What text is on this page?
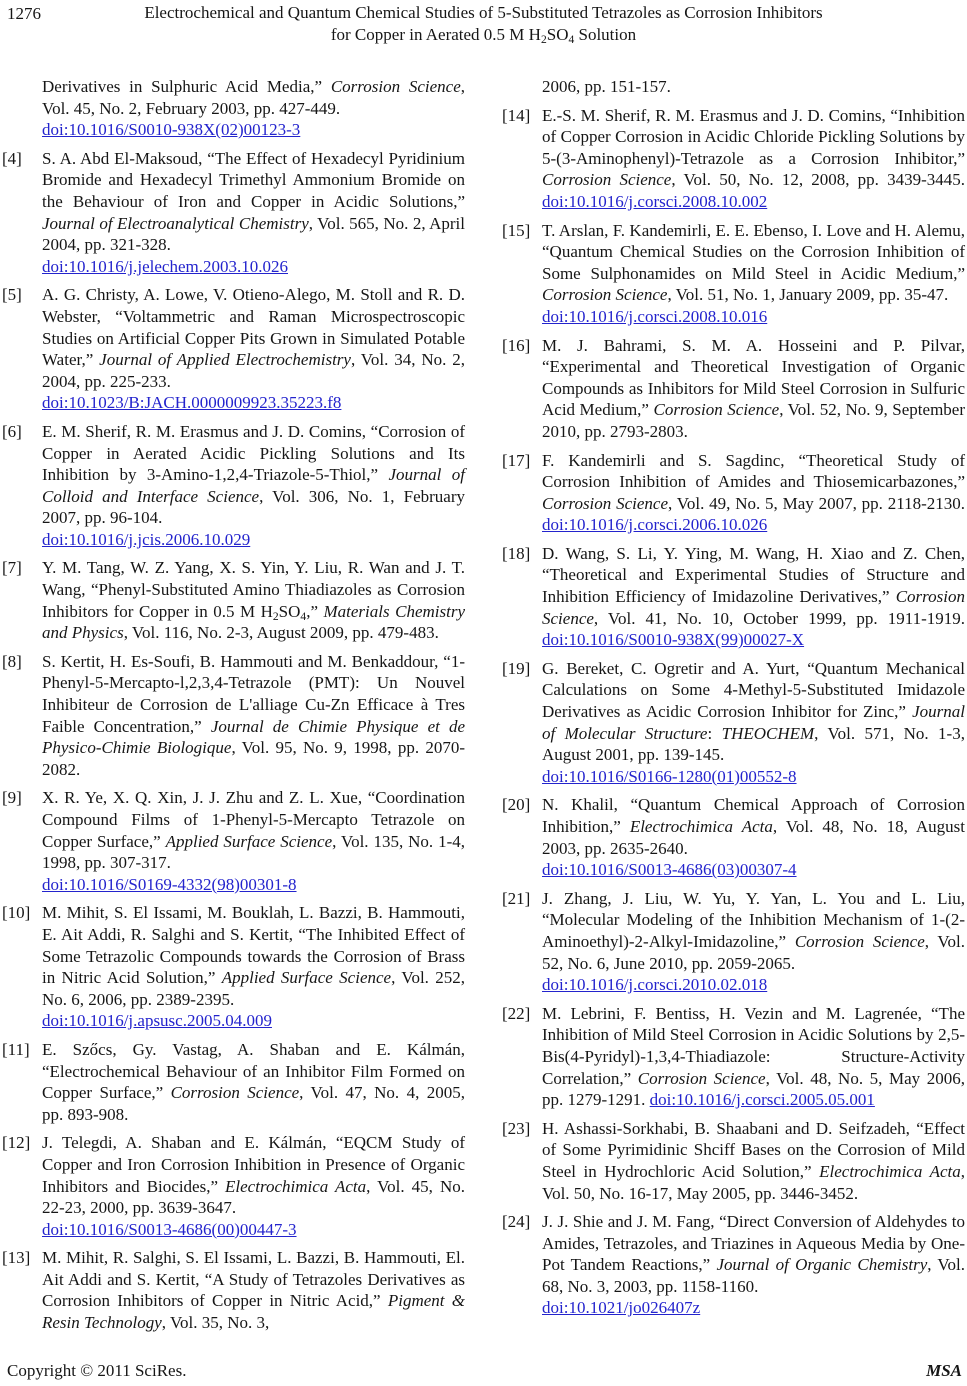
1276	Electrochemical and Quantum Chemical Studies of 5-Substituted Tetrazoles as Corrosion Inhibitors
for Copper in Aerated 0.5 M $H_2SO_4$ Solution
Derivatives in Sulphuric Acid Media,” Corrosion Science, Vol. 45, No. 2, February 2003, pp. 427-449.
doi:10.1016/S0010-938X(02)00123-3
[4] S. A. Abd El-Maksoud, “The Effect of Hexadecyl Pyridinium Bromide and Hexadecyl Trimethyl Ammonium Bromide on the Behaviour of Iron and Copper in Acidic Solutions,” Journal of Electroanalytical Chemistry, Vol. 565, No. 2, April 2004, pp. 321-328.
doi:10.1016/j.jelechem.2003.10.026
[5] A. G. Christy, A. Lowe, V. Otieno-Alego, M. Stoll and R. D. Webster, “Voltammetric and Raman Microspectroscopic Studies on Artificial Copper Pits Grown in Simulated Potable Water,” Journal of Applied Electrochemistry, Vol. 34, No. 2, 2004, pp. 225-233.
doi:10.1023/B:JACH.0000009923.35223.f8
[6] E. M. Sherif, R. M. Erasmus and J. D. Comins, “Corrosion of Copper in Aerated Acidic Pickling Solutions and Its Inhibition by 3-Amino-1,2,4-Triazole-5-Thiol,” Journal of Colloid and Interface Science, Vol. 306, No. 1, February 2007, pp. 96-104.
doi:10.1016/j.jcis.2006.10.029
[7] Y. M. Tang, W. Z. Yang, X. S. Yin, Y. Liu, R. Wan and J. T. Wang, “Phenyl-Substituted Amino Thiadiazoles as Corrosion Inhibitors for Copper in 0.5 M $H_2SO_4$,” Materials Chemistry and Physics, Vol. 116, No. 2-3, August 2009, pp. 479-483.
[8] S. Kertit, H. Es-Soufi, B. Hammouti and M. Benkaddour, “1-Phenyl-5-Mercapto-l,2,3,4-Tetrazole (PMT): Un Nouvel Inhibiteur de Corrosion de L'alliage Cu-Zn Efficace à Tres Faible Concentration,” Journal de Chimie Physique et de Physico-Chimie Biologique, Vol. 95, No. 9, 1998, pp. 2070-2082.
[9] X. R. Ye, X. Q. Xin, J. J. Zhu and Z. L. Xue, “Coordination Compound Films of 1-Phenyl-5-Mercapto Tetrazole on Copper Surface,” Applied Surface Science, Vol. 135, No. 1-4, 1998, pp. 307-317.
doi:10.1016/S0169-4332(98)00301-8
[10] M. Mihit, S. El Issami, M. Bouklah, L. Bazzi, B. Hammouti, E. Ait Addi, R. Salghi and S. Kertit, “The Inhibited Effect of Some Tetrazolic Compounds towards the Corrosion of Brass in Nitric Acid Solution,” Applied Surface Science, Vol. 252, No. 6, 2006, pp. 2389-2395.
doi:10.1016/j.apsusc.2005.04.009
[11] E. Szőcs, Gy. Vastag, A. Shaban and E. Kálmán, “Electrochemical Behaviour of an Inhibitor Film Formed on Copper Surface,” Corrosion Science, Vol. 47, No. 4, 2005, pp. 893-908.
[12] J. Telegdi, A. Shaban and E. Kálmán, “EQCM Study of Copper and Iron Corrosion Inhibition in Presence of Organic Inhibitors and Biocides,” Electrochimica Acta, Vol. 45, No. 22-23, 2000, pp. 3639-3647.
doi:10.1016/S0013-4686(00)00447-3
[13] M. Mihit, R. Salghi, S. El Issami, L. Bazzi, B. Hammouti, El. Ait Addi and S. Kertit, “A Study of Tetrazoles Derivatives as Corrosion Inhibitors of Copper in Nitric Acid,” Pigment & Resin Technology, Vol. 35, No. 3,
2006, pp. 151-157.
[14] E.-S. M. Sherif, R. M. Erasmus and J. D. Comins, “Inhibition of Copper Corrosion in Acidic Chloride Pickling Solutions by 5-(3-Aminophenyl)-Tetrazole as a Corrosion Inhibitor,” Corrosion Science, Vol. 50, No. 12, 2008, pp. 3439-3445. doi:10.1016/j.corsci.2008.10.002
[15] T. Arslan, F. Kandemirli, E. E. Ebenso, I. Love and H. Alemu, “Quantum Chemical Studies on the Corrosion Inhibition of Some Sulphonamides on Mild Steel in Acidic Medium,” Corrosion Science, Vol. 51, No. 1, January 2009, pp. 35-47.
doi:10.1016/j.corsci.2008.10.016
[16] M. J. Bahrami, S. M. A. Hosseini and P. Pilvar, “Experimental and Theoretical Investigation of Organic Compounds as Inhibitors for Mild Steel Corrosion in Sulfuric Acid Medium,” Corrosion Science, Vol. 52, No. 9, September 2010, pp. 2793-2803.
[17] F. Kandemirli and S. Sagdinc, “Theoretical Study of Corrosion Inhibition of Amides and Thiosemicarbazones,” Corrosion Science, Vol. 49, No. 5, May 2007, pp. 2118-2130. doi:10.1016/j.corsci.2006.10.026
[18] D. Wang, S. Li, Y. Ying, M. Wang, H. Xiao and Z. Chen, “Theoretical and Experimental Studies of Structure and Inhibition Efficiency of Imidazoline Derivatives,” Corrosion Science, Vol. 41, No. 10, October 1999, pp. 1911-1919. doi:10.1016/S0010-938X(99)00027-X
[19] G. Bereket, C. Ogretir and A. Yurt, “Quantum Mechanical Calculations on Some 4-Methyl-5-Substituted Imidazole Derivatives as Acidic Corrosion Inhibitor for Zinc,” Journal of Molecular Structure: THEOCHEM, Vol. 571, No. 1-3, August 2001, pp. 139-145.
doi:10.1016/S0166-1280(01)00552-8
[20] N. Khalil, “Quantum Chemical Approach of Corrosion Inhibition,” Electrochimica Acta, Vol. 48, No. 18, August 2003, pp. 2635-2640.
doi:10.1016/S0013-4686(03)00307-4
[21] J. Zhang, J. Liu, W. Yu, Y. Yan, L. You and L. Liu, “Molecular Modeling of the Inhibition Mechanism of 1-(2-Aminoethyl)-2-Alkyl-Imidazoline,” Corrosion Science, Vol. 52, No. 6, June 2010, pp. 2059-2065.
doi:10.1016/j.corsci.2010.02.018
[22] M. Lebrini, F. Bentiss, H. Vezin and M. Lagrenée, “The Inhibition of Mild Steel Corrosion in Acidic Solutions by 2,5-Bis(4-Pyridyl)-1,3,4-Thiadiazole: Structure-Activity Correlation,” Corrosion Science, Vol. 48, No. 5, May 2006, pp. 1279-1291. doi:10.1016/j.corsci.2005.05.001
[23] H. Ashassi-Sorkhabi, B. Shaabani and D. Seifzadeh, “Effect of Some Pyrimidinic Shciff Bases on the Corrosion of Mild Steel in Hydrochloric Acid Solution,” Electrochimica Acta, Vol. 50, No. 16-17, May 2005, pp. 3446-3452.
[24] J. J. Shie and J. M. Fang, “Direct Conversion of Aldehydes to Amides, Tetrazoles, and Triazines in Aqueous Media by One-Pot Tandem Reactions,” Journal of Organic Chemistry, Vol. 68, No. 3, 2003, pp. 1158-1160.
doi:10.1021/jo026407z
Copyright © 2011 SciRes.	MSA
